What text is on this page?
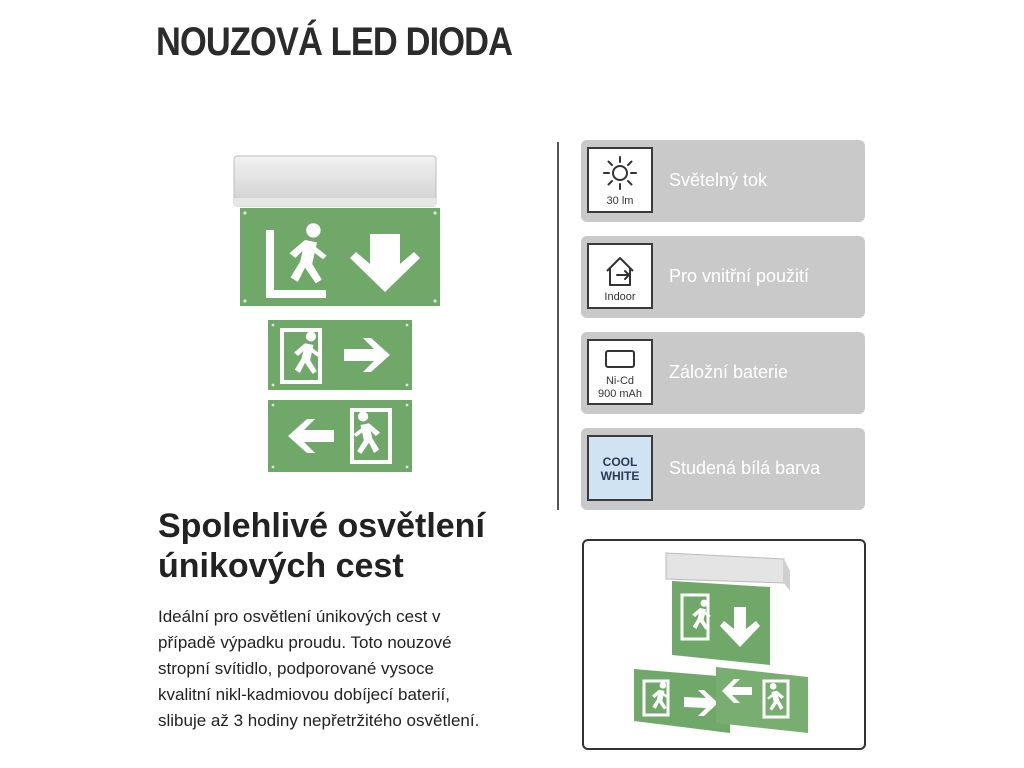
NOUZOVÁ LED DIODA
30 lm
Světelný tok
Indoor
Pro vnitřní použití
Ni-Cd
900 mAh
Záložní baterie
COOL
WHITE	Studená bílá barva
Spolehlivé osvětlení
únikových cest

Ideální pro osvětlení únikových cest v
případě výpadku proudu. Toto nouzové
stropní svítidlo, podporované vysoce
kvalitní nikl-kadmiovou dobíjecí baterií,
slibuje až 3 hodiny nepřetržitého osvětlení.
